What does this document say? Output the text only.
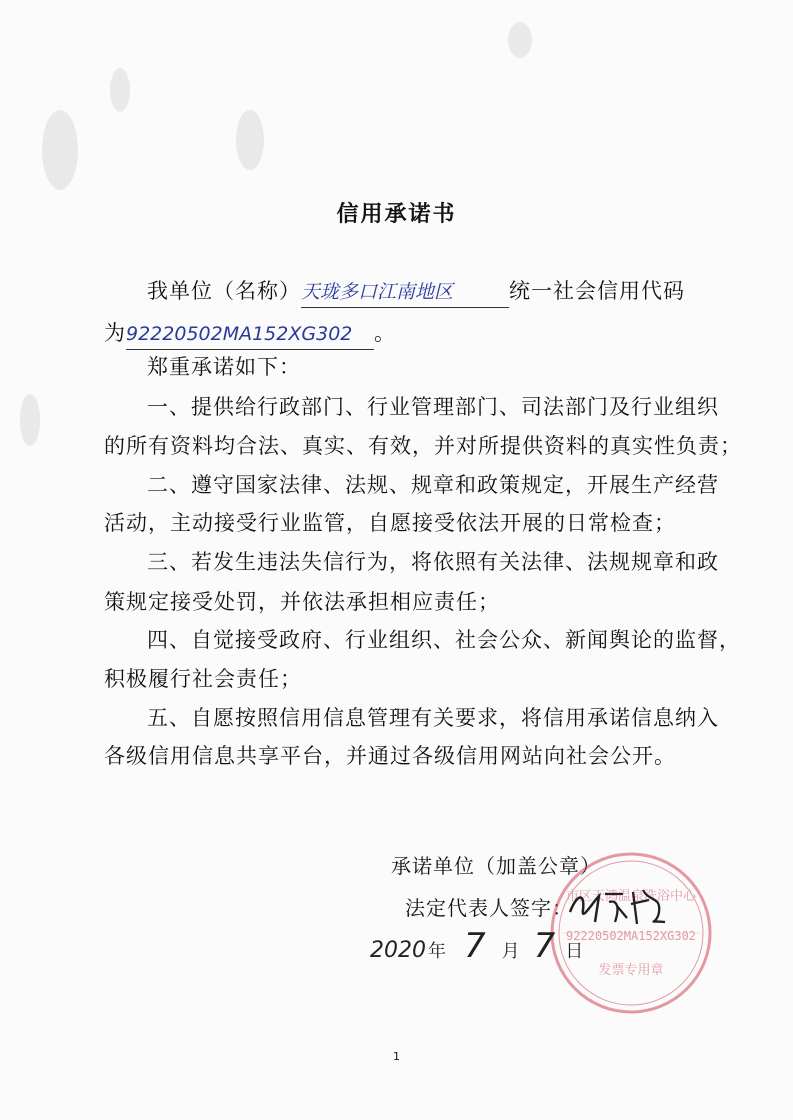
信用承诺书
我单位（名称）天珑多口江南地区	统一社会信用代码
为92220502MA152XG302 。
郑重承诺如下：
一、提供给行政部门、行业管理部门、司法部门及行业组织
的所有资料均合法、真实、有效，并对所提供资料的真实性负责；
二、遵守国家法律、法规、规章和政策规定，开展生产经营
活动，主动接受行业监管，自愿接受依法开展的日常检查；
三、若发生违法失信行为，将依照有关法律、法规规章和政
策规定接受处罚，并依法承担相应责任；
四、自觉接受政府、行业组织、社会公众、新闻舆论的监督，
积极履行社会责任；
五、自愿按照信用信息管理有关要求，将信用承诺信息纳入
各级信用信息共享平台，并通过各级信用网站向社会公开。
承诺单位（加盖公章）
法定代表人签字：
市区天鸿温泉洗浴中心
92220502MA152XG302
发票专用章
2020 年 7 月 7 日
1
